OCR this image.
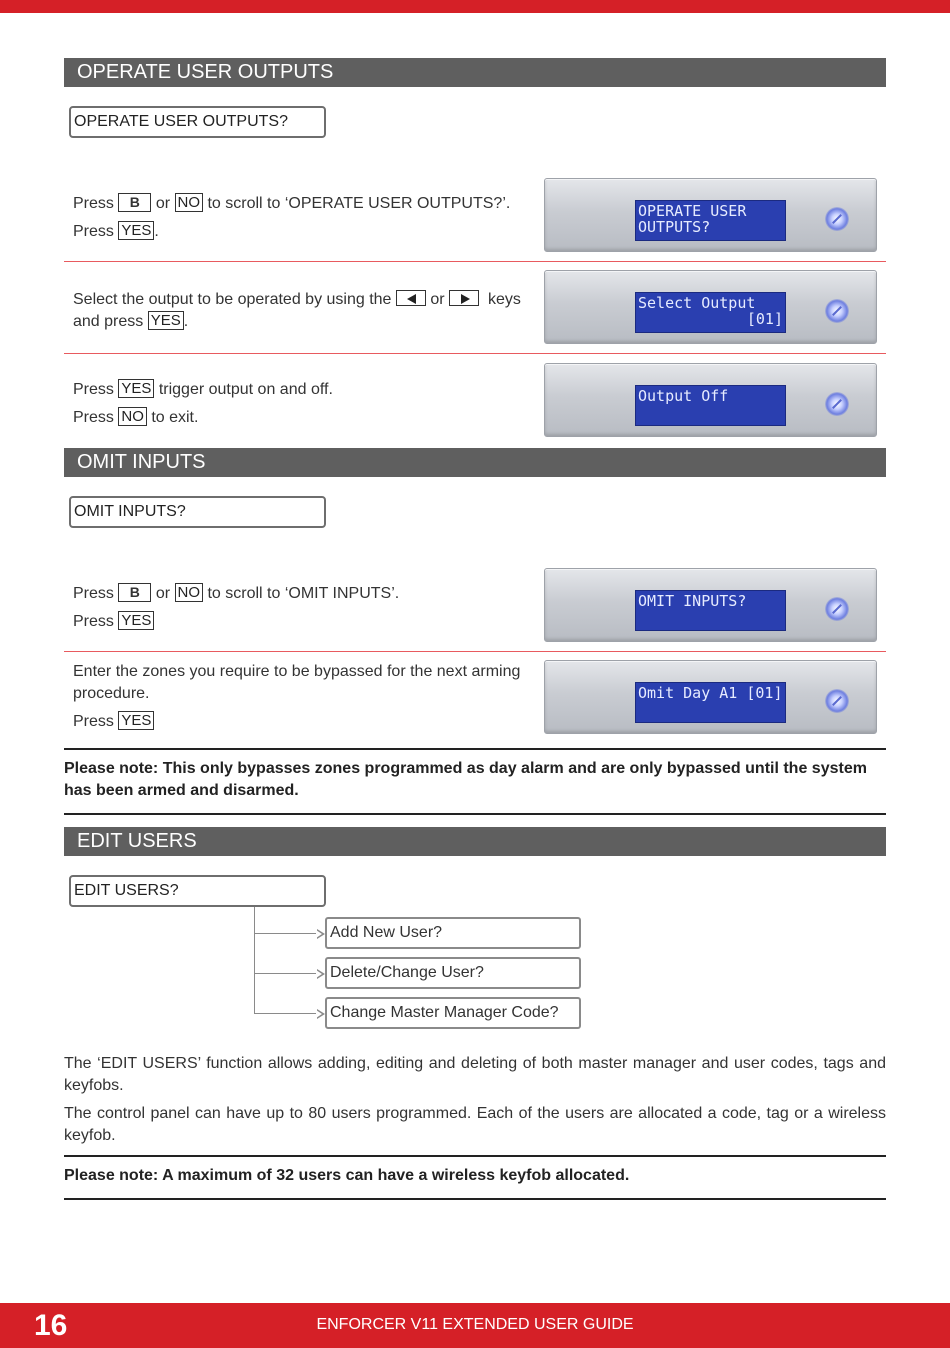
OPERATE USER OUTPUTS
OPERATE USER OUTPUTS?

Press B or NO to scroll to ‘OPERATE USER OUTPUTS?’.

Press YES .

OPERATE USER
OUTPUTS?

Select the output to be operated by using the or	keys

and press YES .

Select Output
[01]

Press YES trigger output on and off.

Press NO to exit.

Output Off
OMIT INPUTS
OMIT INPUTS?

Press B or NO to scroll to ‘OMIT INPUTS’.

Press YES

OMIT INPUTS?

Enter the zones you require to be bypassed for the next arming procedure.

Press YES

Omit Day A1 [01]
Please note: This only bypasses zones programmed as day alarm and are only bypassed until the system has been armed and disarmed.
EDIT USERS
EDIT USERS?
Add New User?
Delete/Change User?
Change Master Manager Code?
The ‘EDIT USERS’ function allows adding, editing and deleting of both master manager and user codes, tags and keyfobs.
The control panel can have up to 80 users programmed. Each of the users are allocated a code, tag or a wireless keyfob.
Please note: A maximum of 32 users can have a wireless keyfob allocated.
16	ENFORCER V11 EXTENDED USER GUIDE
